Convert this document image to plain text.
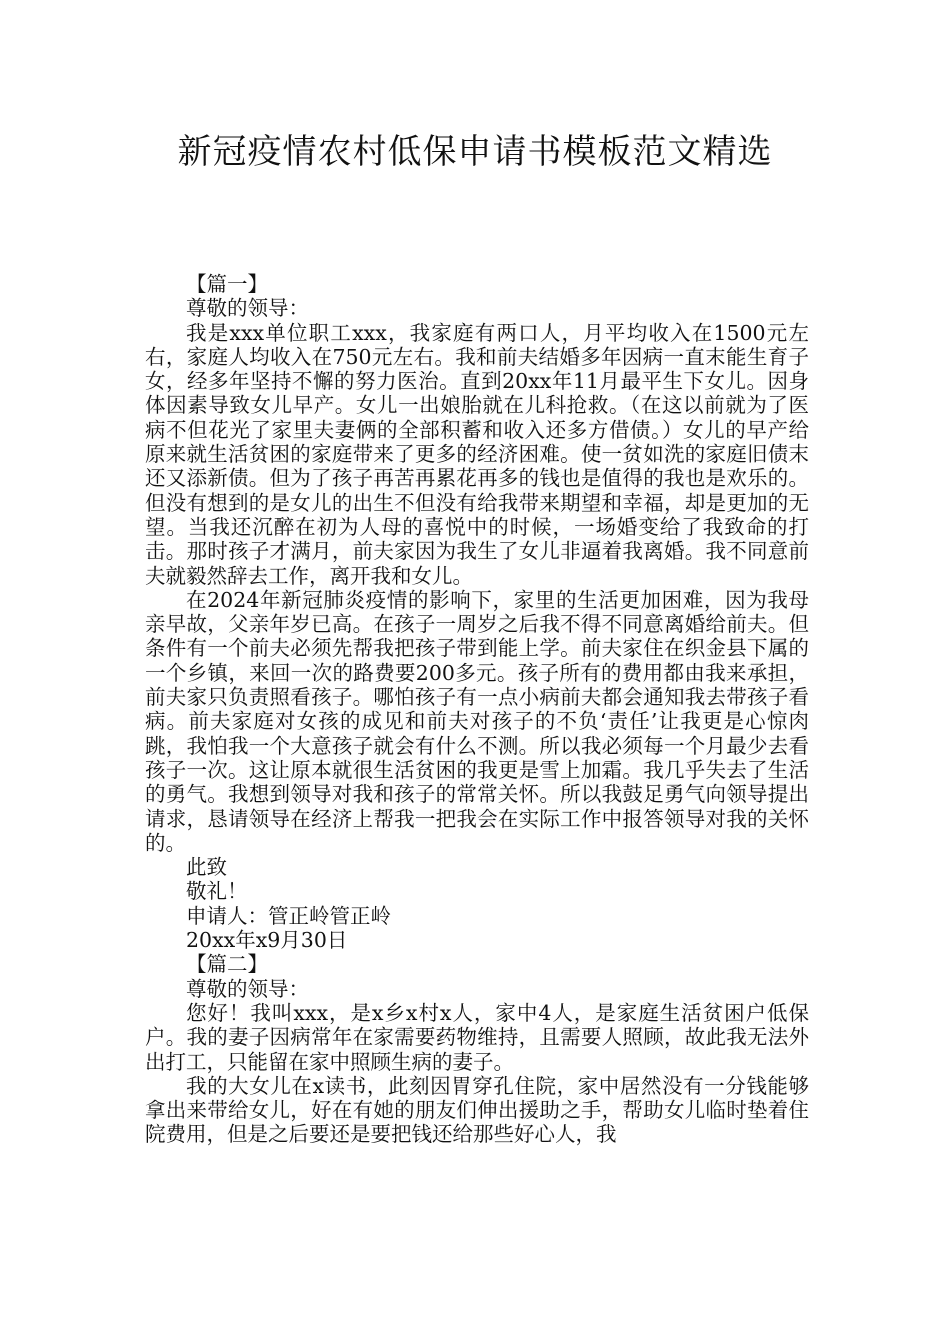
新冠疫情农村低保申请书模板范文精选

【篇一】

尊敬的领导：

我是xxx单位职工xxx，我家庭有两口人，月平均收入在1500元左右，家庭人均收入在750元左右。我和前夫结婚多年因病一直末能生育子女，经多年坚持不懈的努力医治。直到20xx年11月最平生下女儿。因身体因素导致女儿早产。女儿一出娘胎就在儿科抢救。（在这以前就为了医病不但花光了家里夫妻俩的全部积蓄和收入还多方借债。）女儿的早产给原来就生活贫困的家庭带来了更多的经济困难。使一贫如洗的家庭旧债末还又添新债。但为了孩子再苦再累花再多的钱也是值得的我也是欢乐的。但没有想到的是女儿的出生不但没有给我带来期望和幸福，却是更加的无望。当我还沉醉在初为人母的喜悦中的时候，一场婚变给了我致命的打击。那时孩子才满月，前夫家因为我生了女儿非逼着我离婚。我不同意前夫就毅然辞去工作，离开我和女儿。

在2024年新冠肺炎疫情的影响下，家里的生活更加困难，因为我母亲早故，父亲年岁已高。在孩子一周岁之后我不得不同意离婚给前夫。但条件有一个前夫必须先帮我把孩子带到能上学。前夫家住在织金县下属的一个乡镇，来回一次的路费要200多元。孩子所有的费用都由我来承担，前夫家只负责照看孩子。哪怕孩子有一点小病前夫都会通知我去带孩子看病。前夫家庭对女孩的成见和前夫对孩子的不负‘责任’让我更是心惊肉跳，我怕我一个大意孩子就会有什么不测。所以我必须每一个月最少去看孩子一次。这让原本就很生活贫困的我更是雪上加霜。我几乎失去了生活的勇气。我想到领导对我和孩子的常常关怀。所以我鼓足勇气向领导提出请求，恳请领导在经济上帮我一把我会在实际工作中报答领导对我的关怀的。

此致

敬礼！

申请人：管正岭管正岭

20xx年x9月30日

【篇二】

尊敬的领导：

您好！我叫xxx，是x乡x村x人，家中4人，是家庭生活贫困户低保户。我的妻子因病常年在家需要药物维持，且需要人照顾，故此我无法外出打工，只能留在家中照顾生病的妻子。

我的大女儿在x读书，此刻因胃穿孔住院，家中居然没有一分钱能够拿出来带给女儿，好在有她的朋友们伸出援助之手，帮助女儿临时垫着住院费用，但是之后要还是要把钱还给那些好心人，我
